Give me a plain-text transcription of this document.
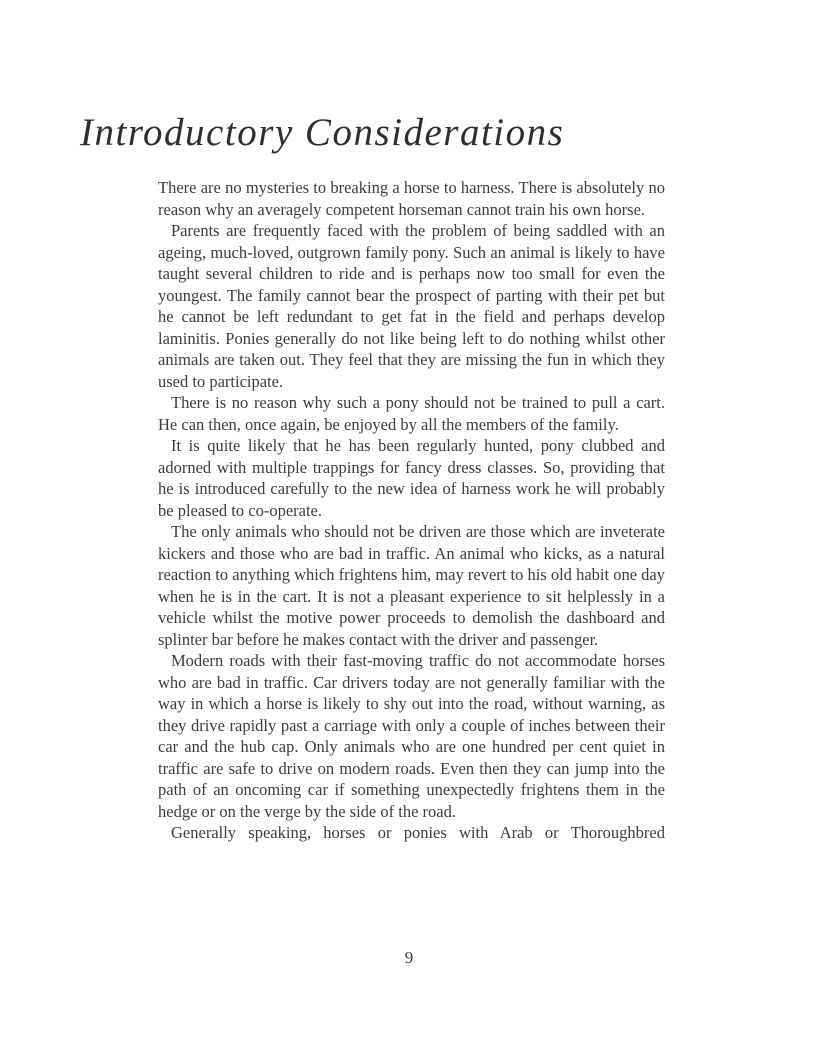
Introductory Considerations

There are no mysteries to breaking a horse to harness. There is absolutely no reason why an averagely competent horseman cannot train his own horse.

Parents are frequently faced with the problem of being saddled with an ageing, much-loved, outgrown family pony. Such an animal is likely to have taught several children to ride and is perhaps now too small for even the youngest. The family cannot bear the prospect of parting with their pet but he cannot be left redundant to get fat in the field and perhaps develop laminitis. Ponies generally do not like being left to do nothing whilst other animals are taken out. They feel that they are missing the fun in which they used to participate.

There is no reason why such a pony should not be trained to pull a cart. He can then, once again, be enjoyed by all the members of the family.

It is quite likely that he has been regularly hunted, pony clubbed and adorned with multiple trappings for fancy dress classes. So, providing that he is introduced carefully to the new idea of harness work he will probably be pleased to co-operate.

The only animals who should not be driven are those which are inveterate kickers and those who are bad in traffic. An animal who kicks, as a natural reaction to anything which frightens him, may revert to his old habit one day when he is in the cart. It is not a pleasant experience to sit helplessly in a vehicle whilst the motive power proceeds to demolish the dashboard and splinter bar before he makes contact with the driver and passenger.

Modern roads with their fast-moving traffic do not accommodate horses who are bad in traffic. Car drivers today are not generally familiar with the way in which a horse is likely to shy out into the road, without warning, as they drive rapidly past a carriage with only a couple of inches between their car and the hub cap. Only animals who are one hundred per cent quiet in traffic are safe to drive on modern roads. Even then they can jump into the path of an oncoming car if something unexpectedly frightens them in the hedge or on the verge by the side of the road.

Generally speaking, horses or ponies with Arab or Thoroughbred

9
